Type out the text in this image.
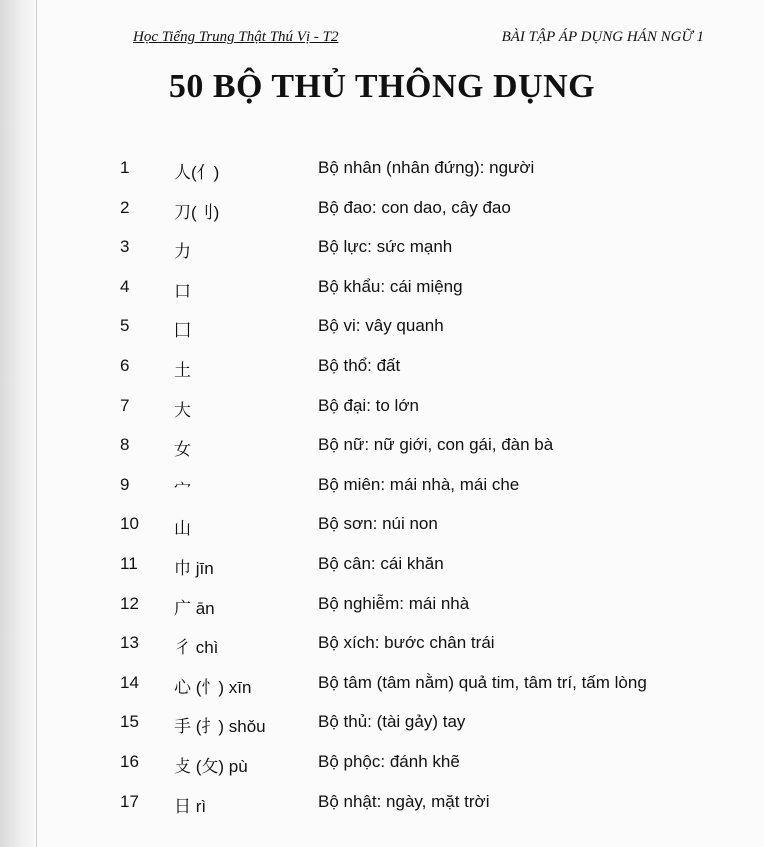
Học Tiếng Trung Thật Thú Vị - T2	BÀI TẬP ÁP DỤNG HÁN NGỮ 1
50 BỘ THỦ THÔNG DỤNG
1	人(亻)	Bộ nhân (nhân đứng): người
2	刀(刂)	Bộ đao: con dao, cây đao
3	力	Bộ lực: sức mạnh
4	口	Bộ khẩu: cái miệng
5	囗	Bộ vi: vây quanh
6	土	Bộ thổ: đất
7	大	Bộ đại: to lớn
8	女	Bộ nữ: nữ giới, con gái, đàn bà
9	宀	Bộ miên: mái nhà, mái che
10 山	Bộ sơn: núi non
11 巾 jīn	Bộ cân: cái khăn
12 广 ān	Bộ nghiễm: mái nhà
13 彳 chì	Bộ xích: bước chân trái
14 心 (忄) xīn	Bộ tâm (tâm nằm) quả tim, tâm trí, tấm lòng
15 手 (扌) shǒu	Bộ thủ: (tài gảy) tay
16 攴 (攵) pù	Bộ phộc: đánh khẽ
17 日 rì	Bộ nhật: ngày, mặt trời
